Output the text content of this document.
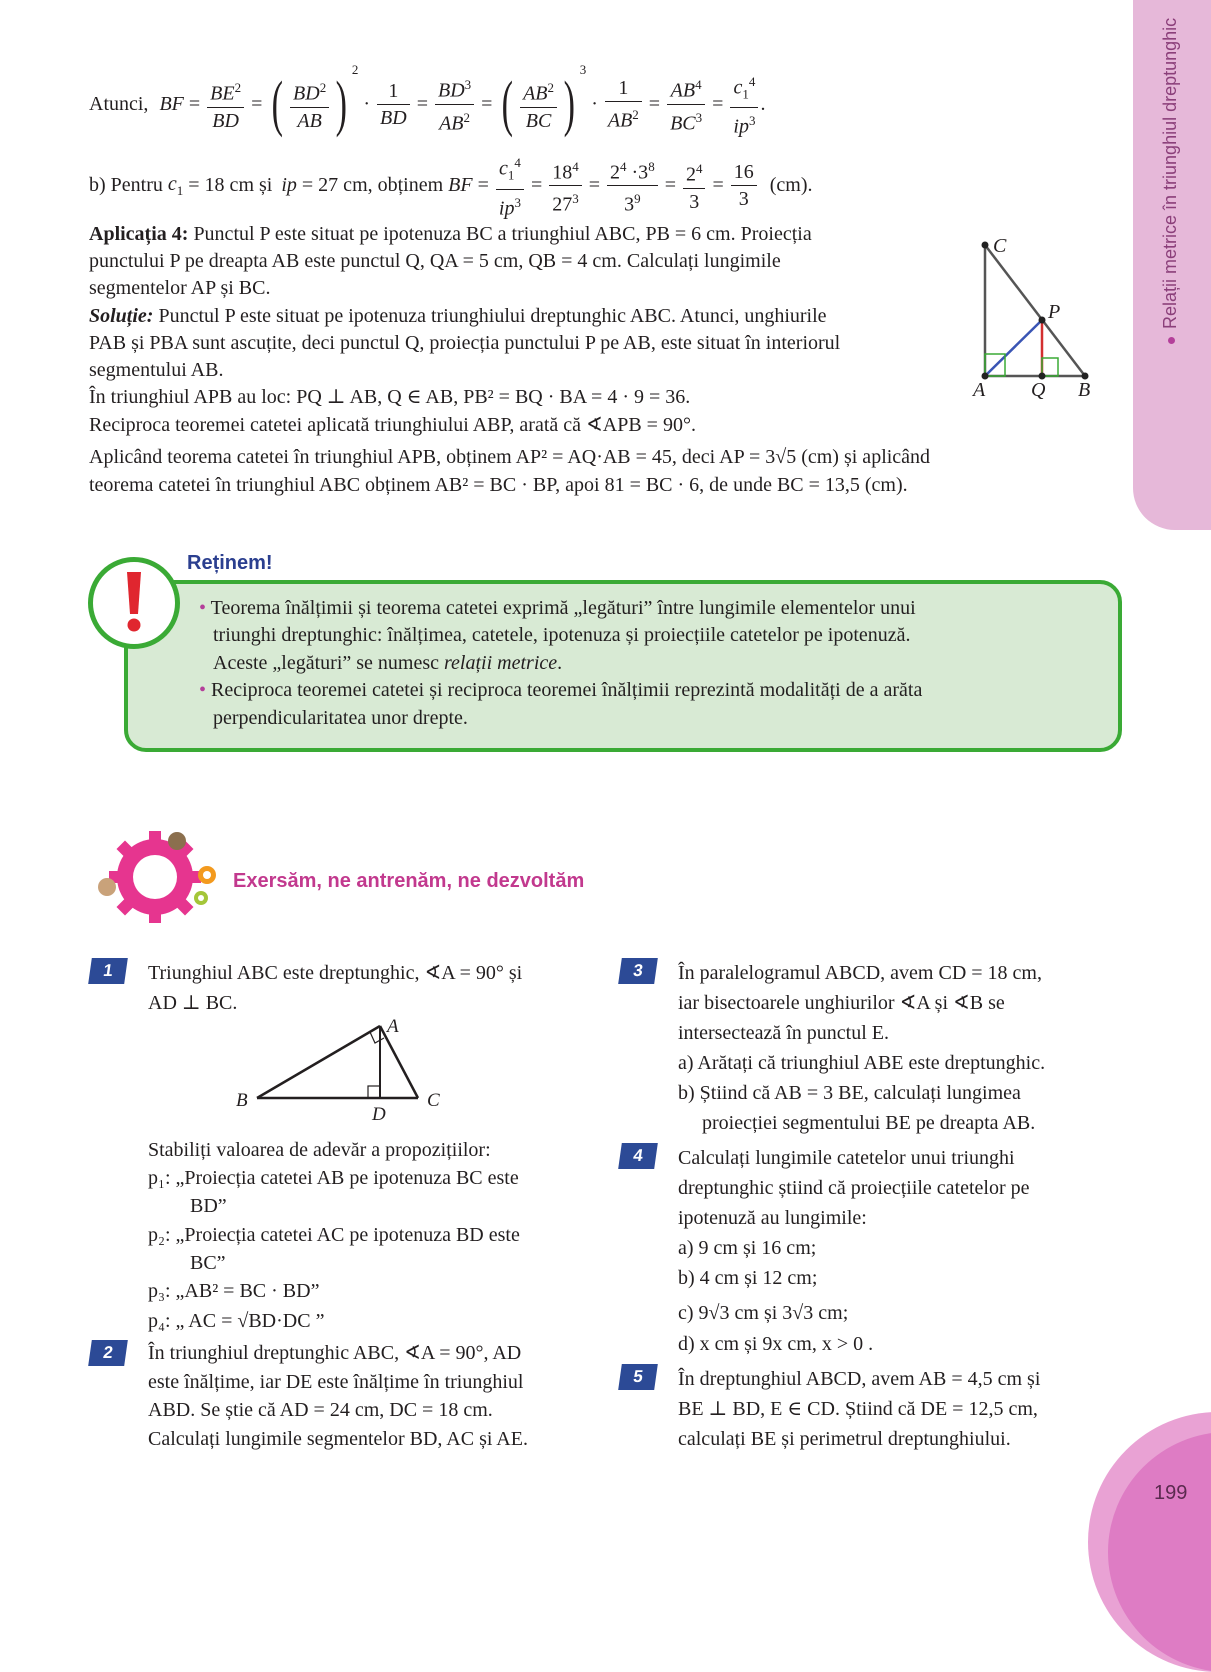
Relații metrice în triunghiul dreptunghic
Atunci, BF = $\frac{BE^2}{BD}$ = ( $\frac{BD^2}{AB} )^2 \cdot \frac{1}{BD} = \frac{BD^3}{AB^2}$ = ( $\frac{AB^2}{BC} )^3 \cdot \frac{1}{AB^2} = \frac{AB^4}{BC^3} = \frac{c_1^4}{ip^3}$ .
b) Pentru $c_1 = 18$ cm și ip = 27 cm, obținem BF = $\frac{c_1^4}{ip^3} = \frac{18^4}{27^3} = \frac{2^4 \cdot 3^8}{3^9} = \frac{2^4}{3} = \frac{16}{3} (cm)$.
Aplicația 4: Punctul P este situat pe ipotenuza BC a triunghiul ABC, PB = 6 cm. Proiecția
punctului P pe dreapta AB este punctul Q, QA = 5 cm, QB = 4 cm. Calculați lungimile
segmentelor AP și BC.
Soluție: Punctul P este situat pe ipotenuza triunghiului dreptunghic ABC. Atunci, unghiurile
PAB și PBA sunt ascuțite, deci punctul Q, proiecția punctului P pe AB, este situat în interiorul
segmentului AB.
În triunghiul APB au loc: PQ ⊥ AB, Q ∈ AB, PB² = BQ · BA = 4 · 9 = 36.
Reciproca teoremei catetei aplicată triunghiului ABP, arată că ∢APB = 90°.
Aplicând teorema catetei în triunghiul APB, obținem AP² = AQ·AB = 45, deci AP = 3√5 (cm) și aplicând
teorema catetei în triunghiul ABC obținem AB² = BC · BP, apoi 81 = BC · 6, de unde BC = 13,5 (cm).
C
P
A Q B
Reținem!
• Teorema înălțimii și teorema catetei exprimă „legături” între lungimile elementelor unui
triunghi dreptunghic: înălțimea, catetele, ipotenuza și proiecțiile catetelor pe ipotenuză.
Aceste „legături” se numesc relații metrice.
• Reciproca teoremei catetei și reciproca teoremei înălțimii reprezintă modalități de a arăta
perpendicularitatea unor drepte.
Exersăm, ne antrenăm, ne dezvoltăm
1	Triunghiul ABC este dreptunghic, ∢A = 90° și
AD ⊥ BC.
A
B	C
D
Stabiliți valoarea de adevăr a propozițiilor:
p₁: „Proiecția catetei AB pe ipotenuza BC este
BD”
p₂: „Proiecția catetei AC pe ipotenuza BD este
BC”
p₃: „AB² = BC · BD”
p₄: „ AC = √BD·DC ”
2	În triunghiul dreptunghic ABC, ∢A = 90°, AD
este înălțime, iar DE este înălțime în triunghiul
ABD. Se știe că AD = 24 cm, DC = 18 cm.
Calculați lungimile segmentelor BD, AC și AE.
3	În paralelogramul ABCD, avem CD = 18 cm,
iar bisectoarele unghiurilor ∢A și ∢B se
intersectează în punctul E.
a) Arătați că triunghiul ABE este dreptunghic.
b) Știind că AB = 3 BE, calculați lungimea
proiecției segmentului BE pe dreapta AB.
4	Calculați lungimile catetelor unui triunghi
dreptunghic știind că proiecțiile catetelor pe
ipotenuză au lungimile:
a) 9 cm și 16 cm;
b) 4 cm și 12 cm;
c) 9√3 cm și 3√3 cm;
d) x cm și 9x cm, x > 0 .
5	În dreptunghiul ABCD, avem AB = 4,5 cm și
BE ⊥ BD, E ∈ CD. Știind că DE = 12,5 cm,
calculați BE și perimetrul dreptunghiului.
199
